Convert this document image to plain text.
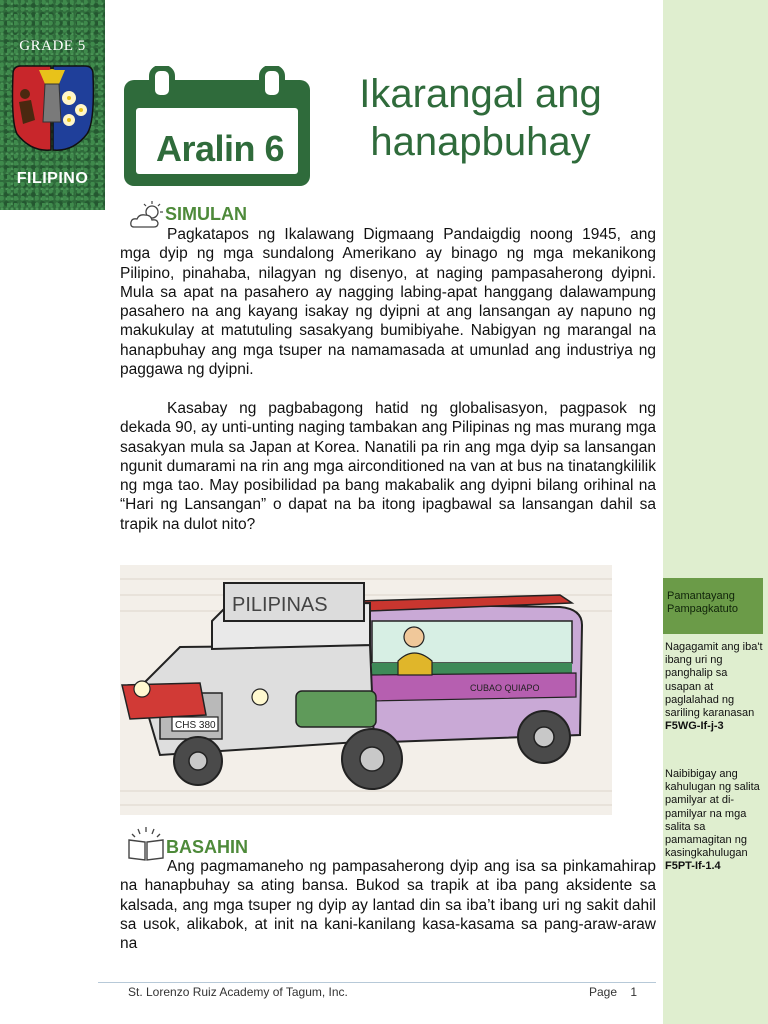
GRADE 5
FILIPINO
Pamantayang Pampagkatuto
Nagagamit ang iba't ibang uri ng panghalip sa usapan at paglalahad ng sariling karanasan
F5WG-If-j-3
Naibibigay ang kahulugan ng salita pamilyar at di-pamilyar na mga salita sa pamamagitan ng kasingkahulugan
F5PT-If-1.4
Aralin 6
Ikarangal ang
hanapbuhay
SIMULAN

Pagkatapos ng Ikalawang Digmaang Pandaigdig noong 1945, ang mga dyip ng mga sundalong Amerikano ay binago ng mga mekanikong Pilipino, pinahaba, nilagyan ng disenyo, at naging pampasaherong dyipni. Mula sa apat na pasahero ay nagging labing-apat hanggang dalawampung pasahero na ang kayang isakay ng dyipni at ang lansangan ay napuno ng makukulay at matutuling sasakyang bumibiyahe. Nabigyan ng marangal na hanapbuhay ang mga tsuper na namamasada at umunlad ang industriya ng paggawa ng dyipni.

Kasabay ng pagbabagong hatid ng globalisasyon, pagpasok ng dekada 90, ay unti-unting naging tambakan ang Pilipinas ng mas murang mga sasakyan mula sa Japan at Korea. Nanatili pa rin ang mga dyip sa lansangan ngunit dumarami na rin ang mga airconditioned na van at bus na tinatangkililik ng mga tao. May posibilidad pa bang makabalik ang dyipni bilang orihinal na “Hari ng Lansangan” o dapat na ba itong ipagbawal sa lansangan dahil sa trapik na dulot nito?

PILIPINAS
CHS 380
CUBAO QUIAPO
BASAHIN

Ang pagmamaneho ng pampasaherong dyip ang isa sa pinkamahirap na hanapbuhay sa ating bansa. Bukod sa trapik at iba pang aksidente sa kalsada, ang mga tsuper ng dyip ay lantad din sa iba’t ibang uri ng sakit dahil sa usok, alikabok, at init na kani-kanilang kasa-kasama sa pang-araw-araw na

St. Lorenzo Ruiz Academy of Tagum, Inc.	Page 1
